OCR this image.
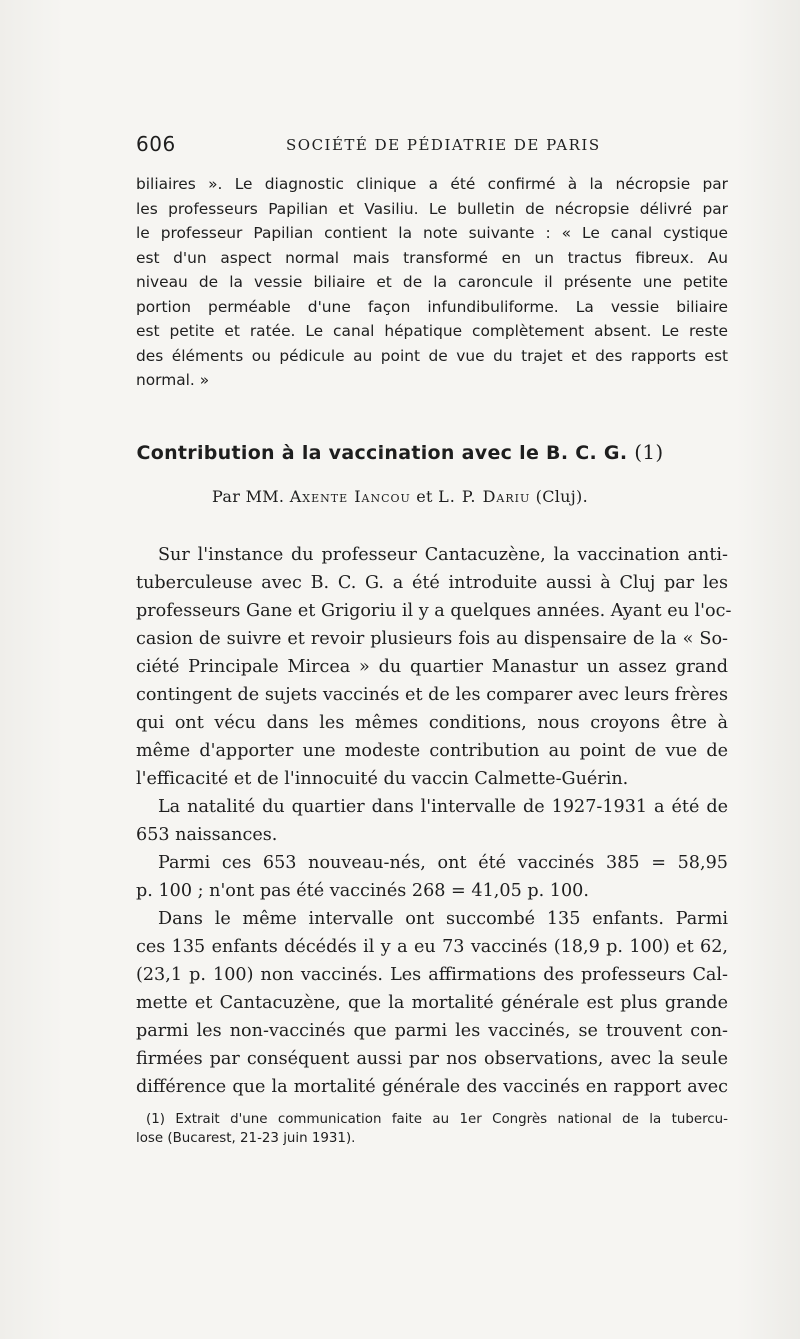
606	SOCIÉTÉ DE PÉDIATRIE DE PARIS
biliaires ». Le diagnostic clinique a été confirmé à la nécropsie par
les professeurs Papilian et Vasiliu. Le bulletin de nécropsie délivré par
le professeur Papilian contient la note suivante : « Le canal cystique
est d'un aspect normal mais transformé en un tractus fibreux. Au
niveau de la vessie biliaire et de la caroncule il présente une petite
portion perméable d'une façon infundibuliforme. La vessie biliaire
est petite et ratée. Le canal hépatique complètement absent. Le reste
des éléments ou pédicule au point de vue du trajet et des rapports est
normal. »
Contribution à la vaccination avec le B. C. G. (1)
Par MM. Axente Iancou et L. P. Dariu (Cluj).
Sur l'instance du professeur Cantacuzène, la vaccination anti-
tuberculeuse avec B. C. G. a été introduite aussi à Cluj par les
professeurs Gane et Grigoriu il y a quelques années. Ayant eu l'oc-
casion de suivre et revoir plusieurs fois au dispensaire de la « So-
ciété Principale Mircea » du quartier Manastur un assez grand
contingent de sujets vaccinés et de les comparer avec leurs frères
qui ont vécu dans les mêmes conditions, nous croyons être à
même d'apporter une modeste contribution au point de vue de
l'efficacité et de l'innocuité du vaccin Calmette-Guérin.
La natalité du quartier dans l'intervalle de 1927-1931 a été de
653 naissances.
Parmi ces 653 nouveau-nés, ont été vaccinés 385 = 58,95
p. 100 ; n'ont pas été vaccinés 268 = 41,05 p. 100.
Dans le même intervalle ont succombé 135 enfants. Parmi
ces 135 enfants décédés il y a eu 73 vaccinés (18,9 p. 100) et 62,
(23,1 p. 100) non vaccinés. Les affirmations des professeurs Cal-
mette et Cantacuzène, que la mortalité générale est plus grande
parmi les non-vaccinés que parmi les vaccinés, se trouvent con-
firmées par conséquent aussi par nos observations, avec la seule
différence que la mortalité générale des vaccinés en rapport avec
(1) Extrait d'une communication faite au 1er Congrès national de la tubercu-
lose (Bucarest, 21-23 juin 1931).
